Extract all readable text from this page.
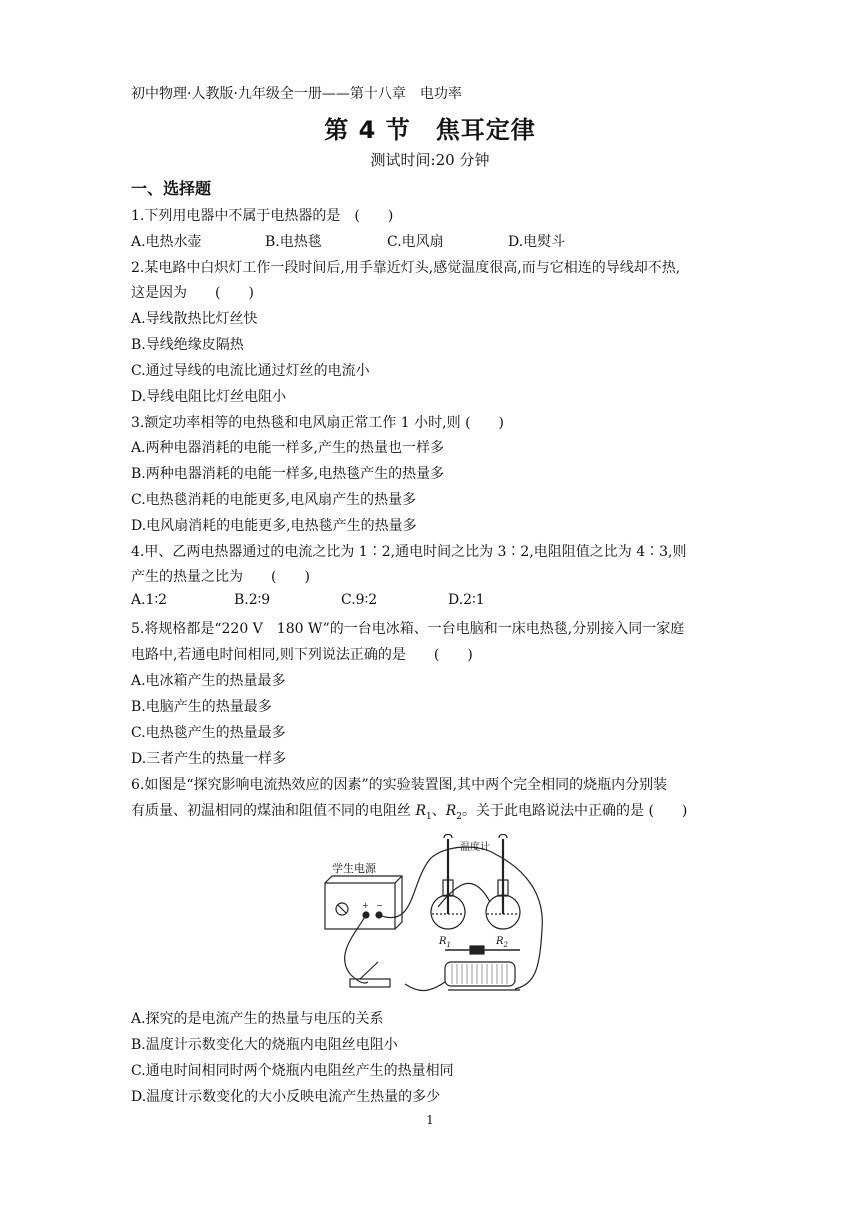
初中物理·人教版·九年级全一册——第十八章　电功率
第 4 节　焦耳定律
测试时间:20 分钟
一、选择题
1.下列用电器中不属于电热器的是　(　　)
A.电热水壶	B.电热毯	C.电风扇	D.电熨斗
2.某电路中白炽灯工作一段时间后,用手靠近灯头,感觉温度很高,而与它相连的导线却不热,
这是因为　　(　　)
A.导线散热比灯丝快
B.导线绝缘皮隔热
C.通过导线的电流比通过灯丝的电流小
D.导线电阻比灯丝电阻小
3.额定功率相等的电热毯和电风扇正常工作 1 小时,则 (　　)
A.两种电器消耗的电能一样多,产生的热量也一样多
B.两种电器消耗的电能一样多,电热毯产生的热量多
C.电热毯消耗的电能更多,电风扇产生的热量多
D.电风扇消耗的电能更多,电热毯产生的热量多
4.甲、乙两电热器通过的电流之比为 1∶2,通电时间之比为 3∶2,电阻阻值之比为 4∶3,则
产生的热量之比为　　(　　)
A.1∶2	B.2∶9	C.9∶2	D.2∶1
5.将规格都是“220 V　180 W”的一台电冰箱、一台电脑和一床电热毯,分别接入同一家庭
电路中,若通电时间相同,则下列说法正确的是　　(　　)
A.电冰箱产生的热量最多
B.电脑产生的热量最多
C.电热毯产生的热量最多
D.三者产生的热量一样多
6.如图是“探究影响电流热效应的因素”的实验装置图,其中两个完全相同的烧瓶内分别装
有质量、初温相同的煤油和阻值不同的电阻丝 $R_1$、$R_2$。关于此电路说法中正确的是 (　　)
学生电源
温度计
+ −
$R_1$	$R_2$
A.探究的是电流产生的热量与电压的关系
B.温度计示数变化大的烧瓶内电阻丝电阻小
C.通电时间相同时两个烧瓶内电阻丝产生的热量相同
D.温度计示数变化的大小反映电流产生热量的多少
1
